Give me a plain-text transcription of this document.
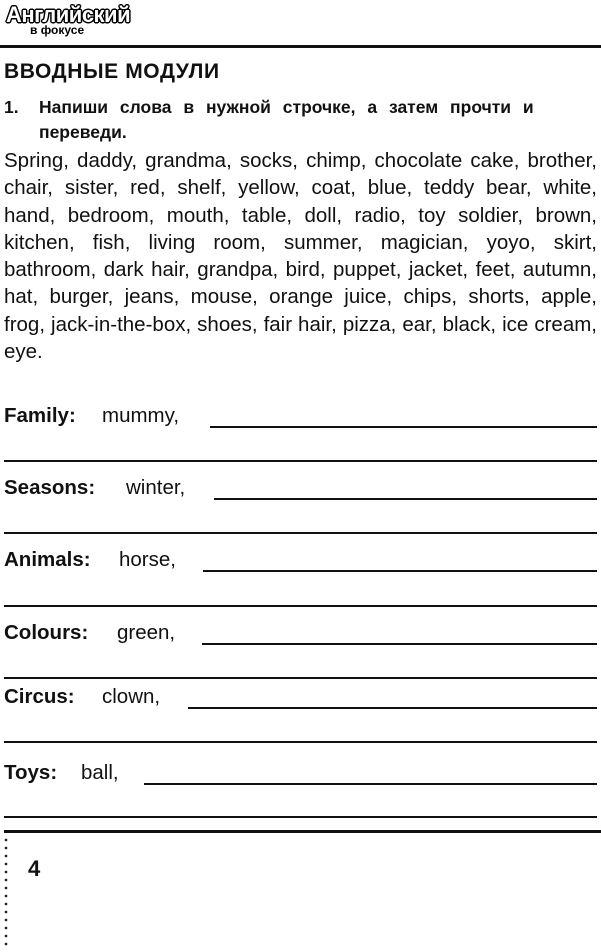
Английский
в фокусе
ВВОДНЫЕ МОДУЛИ
1. Напиши слова в нужной строчке, а затем прочти и переведи.
Spring, daddy, grandma, socks, chimp, chocolate cake, brother, chair, sister, red, shelf, yellow, coat, blue, teddy bear, white, hand, bedroom, mouth, table, doll, radio, toy soldier, brown, kitchen, fish, living room, summer, magician, yoyo, skirt, bathroom, dark hair, grandpa, bird, puppet, jacket, feet, autumn, hat, burger, jeans, mouse, orange juice, chips, shorts, apple, frog, jack-in-the-box, shoes, fair hair, pizza, ear, black, ice cream, eye.
Family: mummy,
Seasons: winter,
Animals: horse,
Colours: green,
Circus: clown,
Toys: ball,
4
